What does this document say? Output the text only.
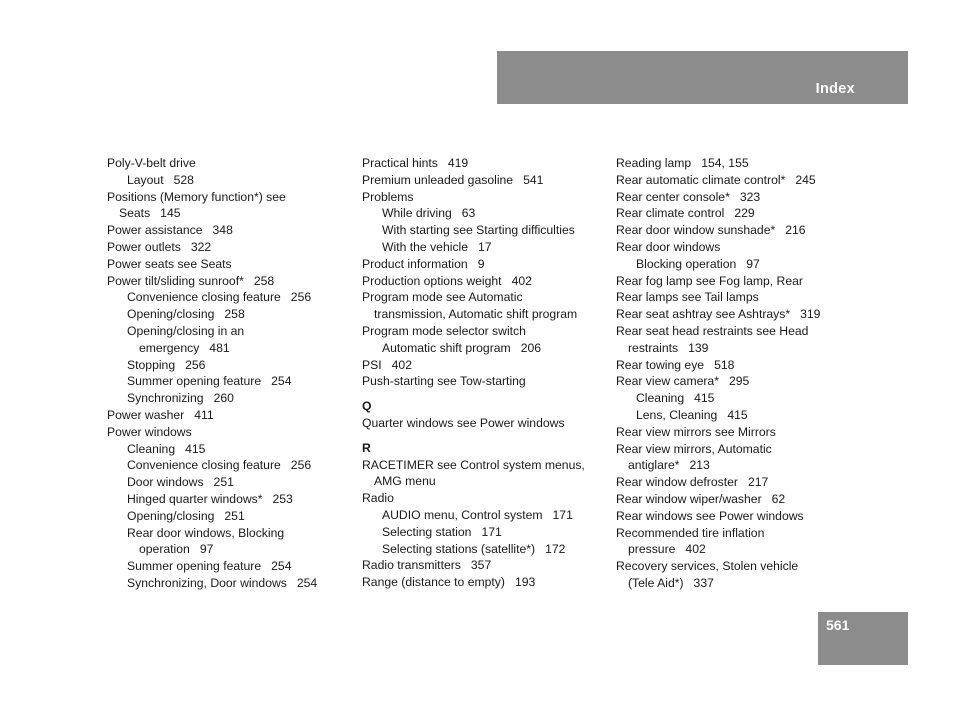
Index
Poly-V-belt drive
Layout 528
Positions (Memory function*) see
Seats 145
Power assistance 348
Power outlets 322
Power seats see Seats
Power tilt/sliding sunroof* 258
Convenience closing feature 256
Opening/closing 258
Opening/closing in an
emergency 481
Stopping 256
Summer opening feature 254
Synchronizing 260
Power washer 411
Power windows
Cleaning 415
Convenience closing feature 256
Door windows 251
Hinged quarter windows* 253
Opening/closing 251
Rear door windows, Blocking
operation 97
Summer opening feature 254
Synchronizing, Door windows 254
Practical hints 419
Premium unleaded gasoline 541
Problems
While driving 63
With starting see Starting difficulties
With the vehicle 17
Product information 9
Production options weight 402
Program mode see Automatic
transmission, Automatic shift program
Program mode selector switch
Automatic shift program 206
PSI 402
Push-starting see Tow-starting
Q
Quarter windows see Power windows
R
RACETIMER see Control system menus,
AMG menu
Radio
AUDIO menu, Control system 171
Selecting station 171
Selecting stations (satellite*) 172
Radio transmitters 357
Range (distance to empty) 193
Reading lamp 154, 155
Rear automatic climate control* 245
Rear center console* 323
Rear climate control 229
Rear door window sunshade* 216
Rear door windows
Blocking operation 97
Rear fog lamp see Fog lamp, Rear
Rear lamps see Tail lamps
Rear seat ashtray see Ashtrays* 319
Rear seat head restraints see Head
restraints 139
Rear towing eye 518
Rear view camera* 295
Cleaning 415
Lens, Cleaning 415
Rear view mirrors see Mirrors
Rear view mirrors, Automatic
antiglare* 213
Rear window defroster 217
Rear window wiper/washer 62
Rear windows see Power windows
Recommended tire inflation
pressure 402
Recovery services, Stolen vehicle
(Tele Aid*) 337
561
